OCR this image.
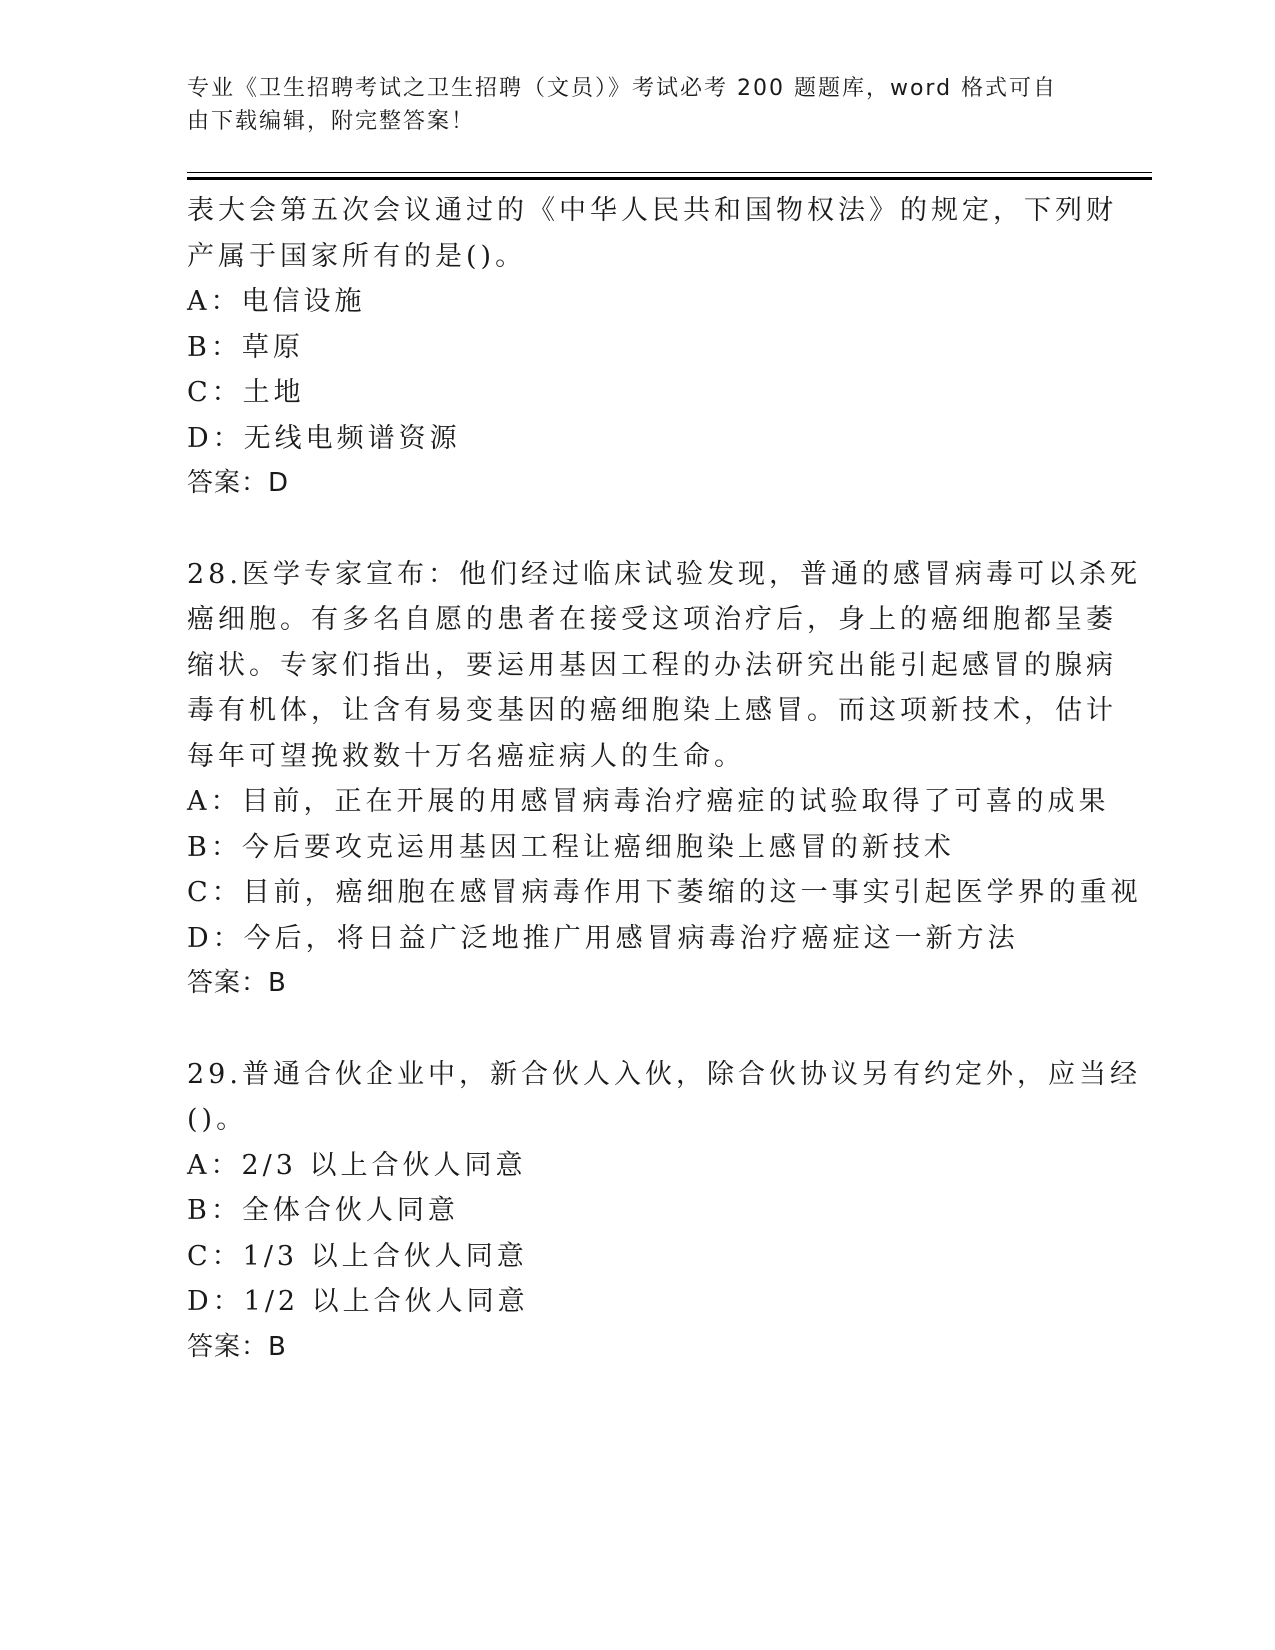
专业《卫生招聘考试之卫生招聘（文员）》考试必考 200 题题库，word 格式可自
由下载编辑，附完整答案！
表大会第五次会议通过的《中华人民共和国物权法》的规定，下列财
产属于国家所有的是()。
A：电信设施
B：草原
C：土地
D：无线电频谱资源
答案：D
28.医学专家宣布：他们经过临床试验发现，普通的感冒病毒可以杀死
癌细胞。有多名自愿的患者在接受这项治疗后，身上的癌细胞都呈萎
缩状。专家们指出，要运用基因工程的办法研究出能引起感冒的腺病
毒有机体，让含有易变基因的癌细胞染上感冒。而这项新技术，估计
每年可望挽救数十万名癌症病人的生命。
A：目前，正在开展的用感冒病毒治疗癌症的试验取得了可喜的成果
B：今后要攻克运用基因工程让癌细胞染上感冒的新技术
C：目前，癌细胞在感冒病毒作用下萎缩的这一事实引起医学界的重视
D：今后，将日益广泛地推广用感冒病毒治疗癌症这一新方法
答案：B
29.普通合伙企业中，新合伙人入伙，除合伙协议另有约定外，应当经
()。
A：2/3 以上合伙人同意
B：全体合伙人同意
C：1/3 以上合伙人同意
D：1/2 以上合伙人同意
答案：B
